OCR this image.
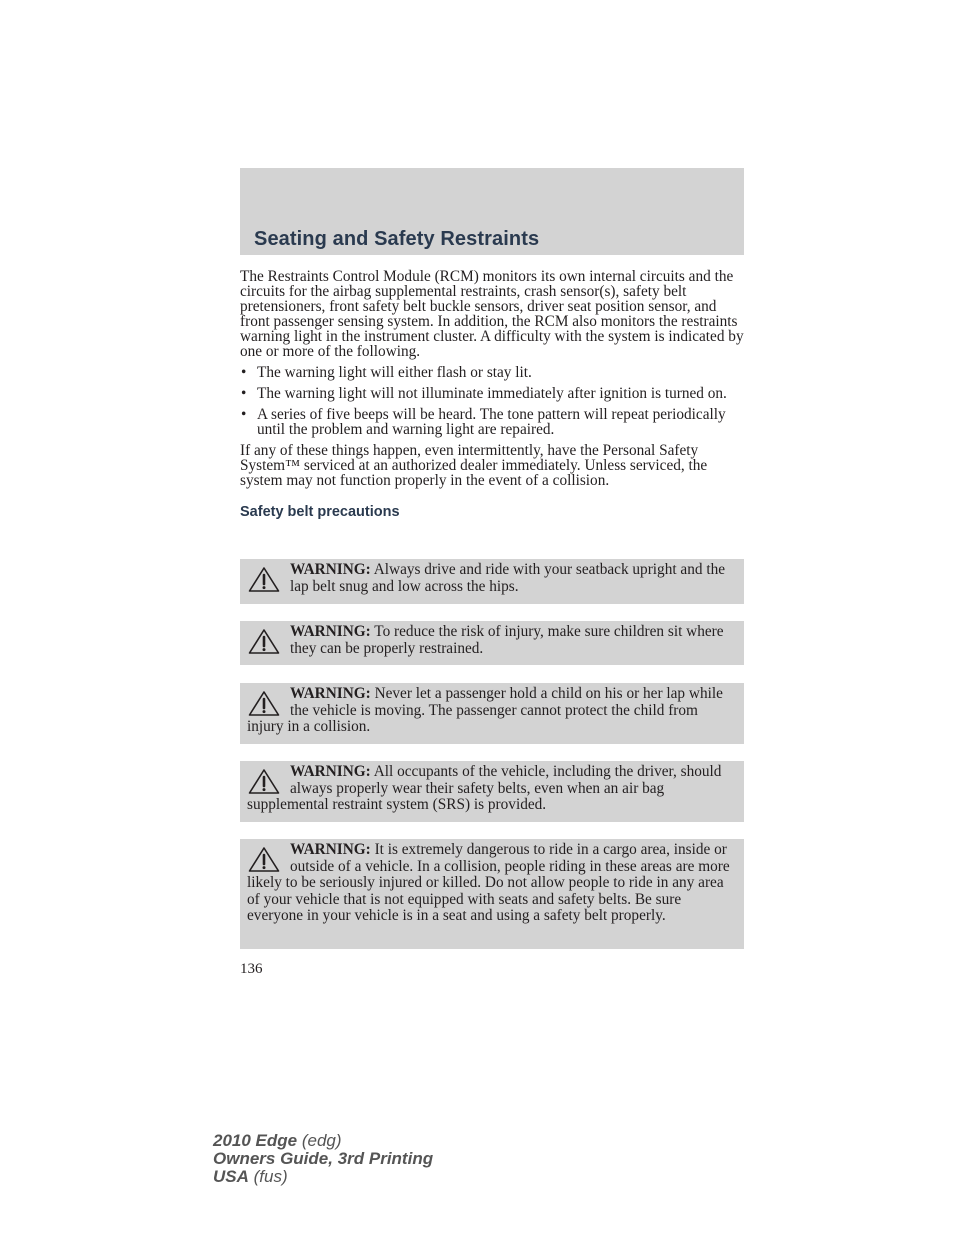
Seating and Safety Restraints

The Restraints Control Module (RCM) monitors its own internal circuits and the circuits for the airbag supplemental restraints, crash sensor(s), safety belt pretensioners, front safety belt buckle sensors, driver seat position sensor, and front passenger sensing system. In addition, the RCM also monitors the restraints warning light in the instrument cluster. A difficulty with the system is indicated by one or more of the following.

• The warning light will either flash or stay lit.
• The warning light will not illuminate immediately after ignition is turned on.
• A series of five beeps will be heard. The tone pattern will repeat periodically until the problem and warning light are repaired.

If any of these things happen, even intermittently, have the Personal Safety System™ serviced at an authorized dealer immediately. Unless serviced, the system may not function properly in the event of a collision.

Safety belt precautions

WARNING: Always drive and ride with your seatback upright and the lap belt snug and low across the hips.
WARNING: To reduce the risk of injury, make sure children sit where they can be properly restrained.
WARNING: Never let a passenger hold a child on his or her lap while the vehicle is moving. The passenger cannot protect the child from injury in a collision.
WARNING: All occupants of the vehicle, including the driver, should always properly wear their safety belts, even when an air bag supplemental restraint system (SRS) is provided.
WARNING: It is extremely dangerous to ride in a cargo area, inside or outside of a vehicle. In a collision, people riding in these areas are more likely to be seriously injured or killed. Do not allow people to ride in any area of your vehicle that is not equipped with seats and safety belts. Be sure everyone in your vehicle is in a seat and using a safety belt properly.
136
2010 Edge (edg)
Owners Guide, 3rd Printing
USA (fus)
